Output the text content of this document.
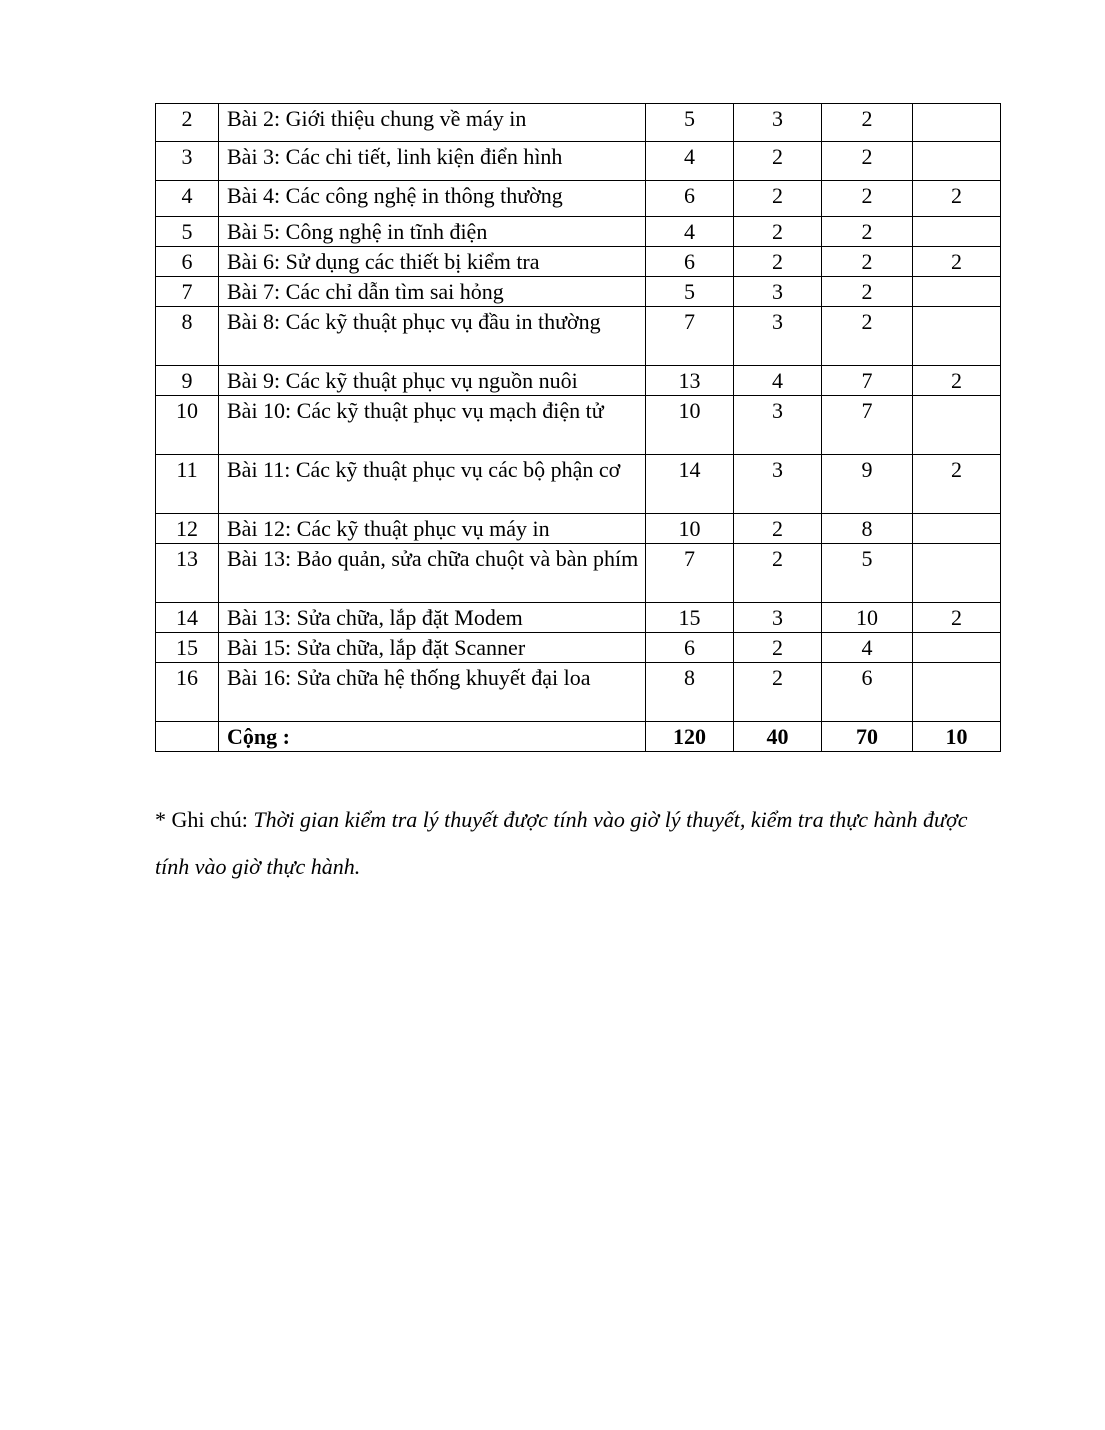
2	Bài 2: Giới thiệu chung về máy in	5	3	2	
3	Bài 3: Các chi tiết, linh kiện điển hình	4	2	2	
4	Bài 4: Các công nghệ in thông thường	6	2	2	2
5	Bài 5: Công nghệ in tĩnh điện	4	2	2	
6	Bài 6: Sử dụng các thiết bị kiểm tra	6	2	2	2
7	Bài 7: Các chỉ dẫn tìm sai hỏng	5	3	2	
8	Bài 8: Các kỹ thuật phục vụ đầu in thường	7	3	2	
9	Bài 9: Các kỹ thuật phục vụ nguồn nuôi	13	4	7	2
10	Bài 10: Các kỹ thuật phục vụ mạch điện tử	10	3	7	
11	Bài 11: Các kỹ thuật phục vụ các bộ phận cơ	14	3	9	2
12	Bài 12: Các kỹ thuật phục vụ máy in	10	2	8	
13	Bài 13: Bảo quản, sửa chữa chuột và bàn phím	7	2	5	
14	Bài 13: Sửa chữa, lắp đặt Modem	15	3	10	2
15	Bài 15: Sửa chữa, lắp đặt Scanner	6	2	4	
16	Bài 16: Sửa chữa hệ thống khuyết đại loa	8	2	6	
	Cộng :	120	40	70	10

* Ghi chú: Thời gian kiểm tra lý thuyết được tính vào giờ lý thuyết, kiểm tra thực hành được tính vào giờ thực hành.
